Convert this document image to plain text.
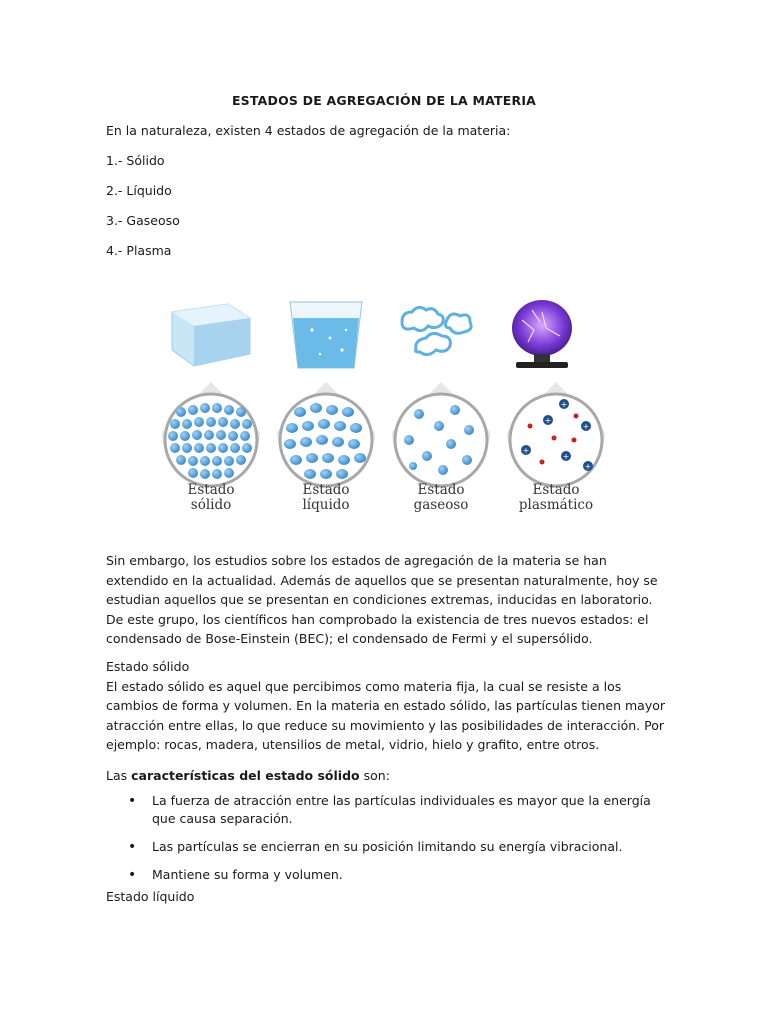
ESTADOS DE AGREGACIÓN DE LA MATERIA
En la naturaleza, existen 4 estados de agregación de la materia:
1.- Sólido
2.- Líquido
3.- Gaseoso
4.- Plasma
+
+
+
+
+
+
Estado
sólido
Estado
líquido
Estado
gaseoso
Estado
plasmático
Sin embargo, los estudios sobre los estados de agregación de la materia se han extendido en la actualidad. Además de aquellos que se presentan naturalmente, hoy se estudian aquellos que se presentan en condiciones extremas, inducidas en laboratorio. De este grupo, los científicos han comprobado la existencia de tres nuevos estados: el condensado de Bose-Einstein (BEC); el condensado de Fermi y el supersólido.

Estado sólido

El estado sólido es aquel que percibimos como materia fija, la cual se resiste a los cambios de forma y volumen. En la materia en estado sólido, las partículas tienen mayor atracción entre ellas, lo que reduce su movimiento y las posibilidades de interacción. Por ejemplo: rocas, madera, utensilios de metal, vidrio, hielo y grafito, entre otros.

Las características del estado sólido son:
• La fuerza de atracción entre las partículas individuales es mayor que la energía que causa separación.
• Las partículas se encierran en su posición limitando su energía vibracional.
• Mantiene su forma y volumen.
Estado líquido
